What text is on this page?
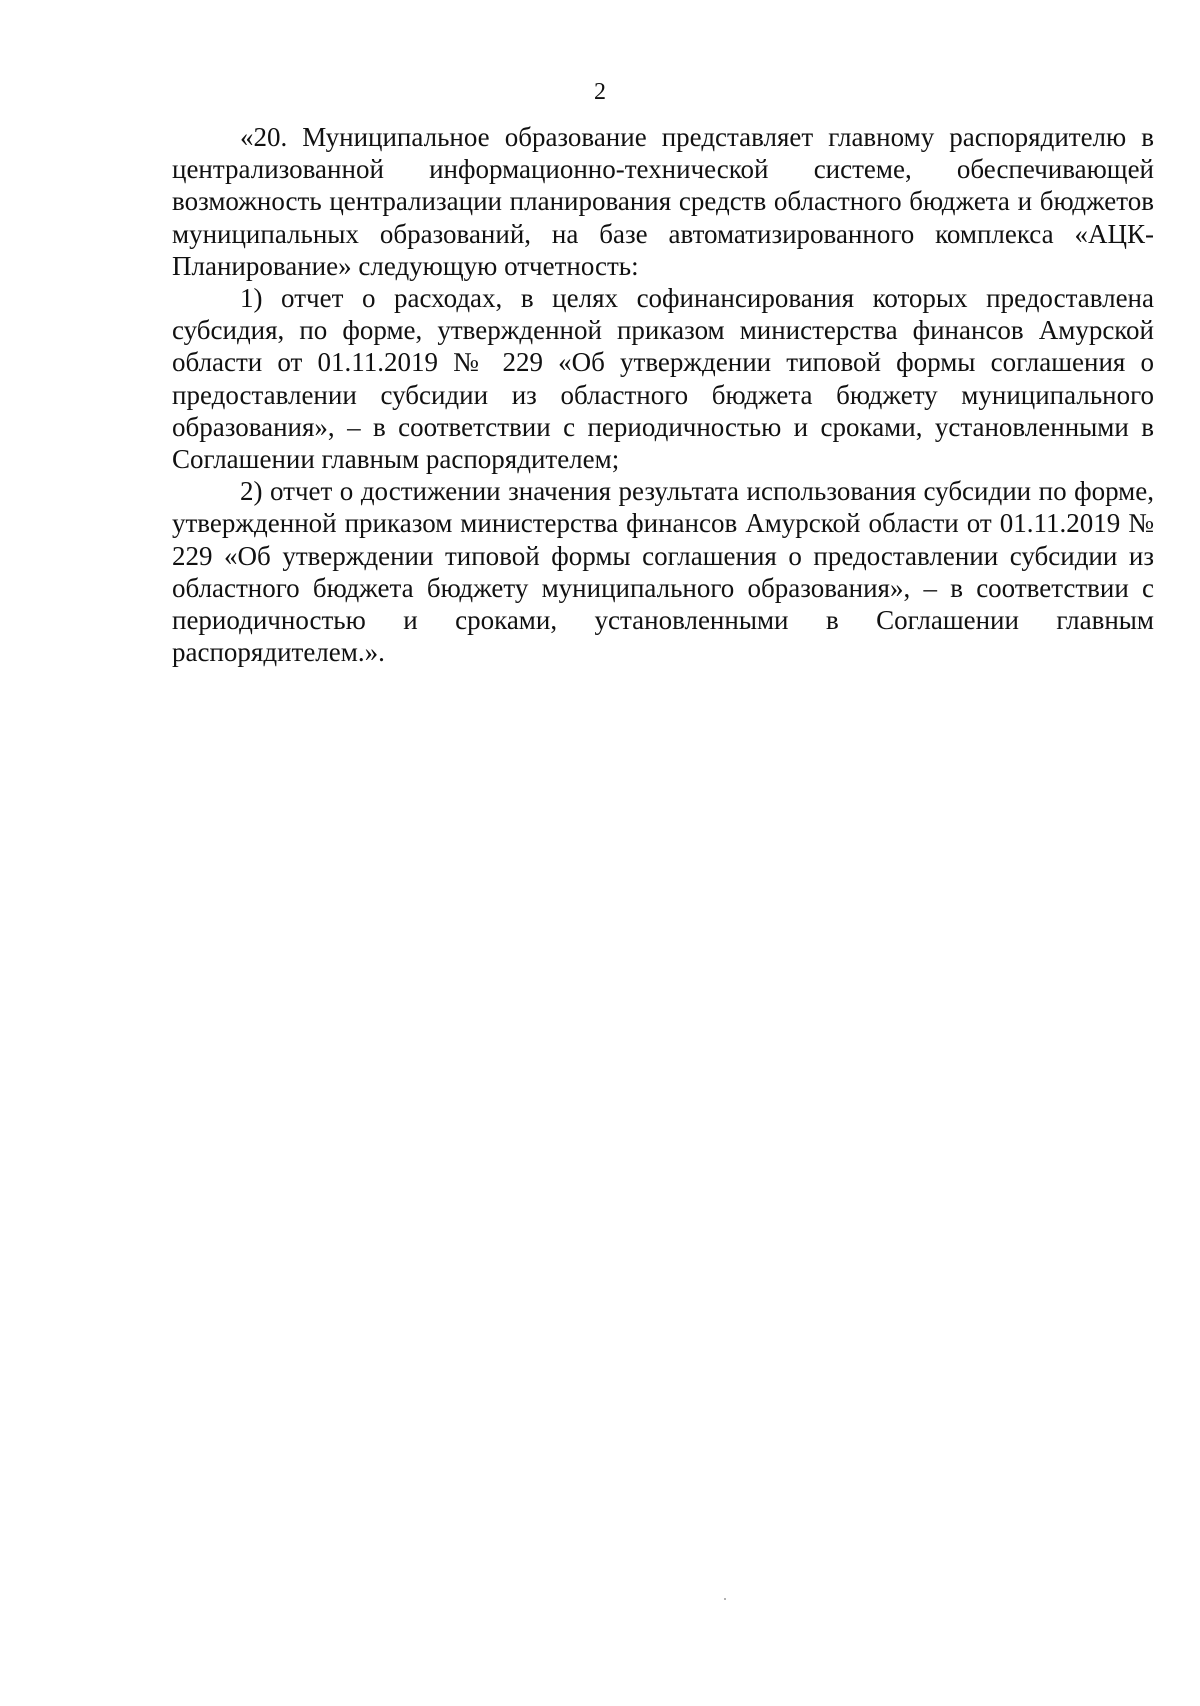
2

«20. Муниципальное образование представляет главному распорядителю в централизованной информационно-технической системе, обеспечивающей возможность централизации планирования средств областного бюджета и бюджетов муниципальных образований, на базе автоматизированного комплекса «АЦК-Планирование» следующую отчетность:

1) отчет о расходах, в целях софинансирования которых предоставлена субсидия, по форме, утвержденной приказом министерства финансов Амурской области от 01.11.2019 № 229 «Об утверждении типовой формы соглашения о предоставлении субсидии из областного бюджета бюджету муниципального образования», – в соответствии с периодичностью и сроками, установленными в Соглашении главным распорядителем;

2) отчет о достижении значения результата использования субсидии по форме, утвержденной приказом министерства финансов Амурской области от 01.11.2019 № 229 «Об утверждении типовой формы соглашения о предоставлении субсидии из областного бюджета бюджету муниципального образования», – в соответствии с периодичностью и сроками, установленными в Соглашении главным распорядителем.».
